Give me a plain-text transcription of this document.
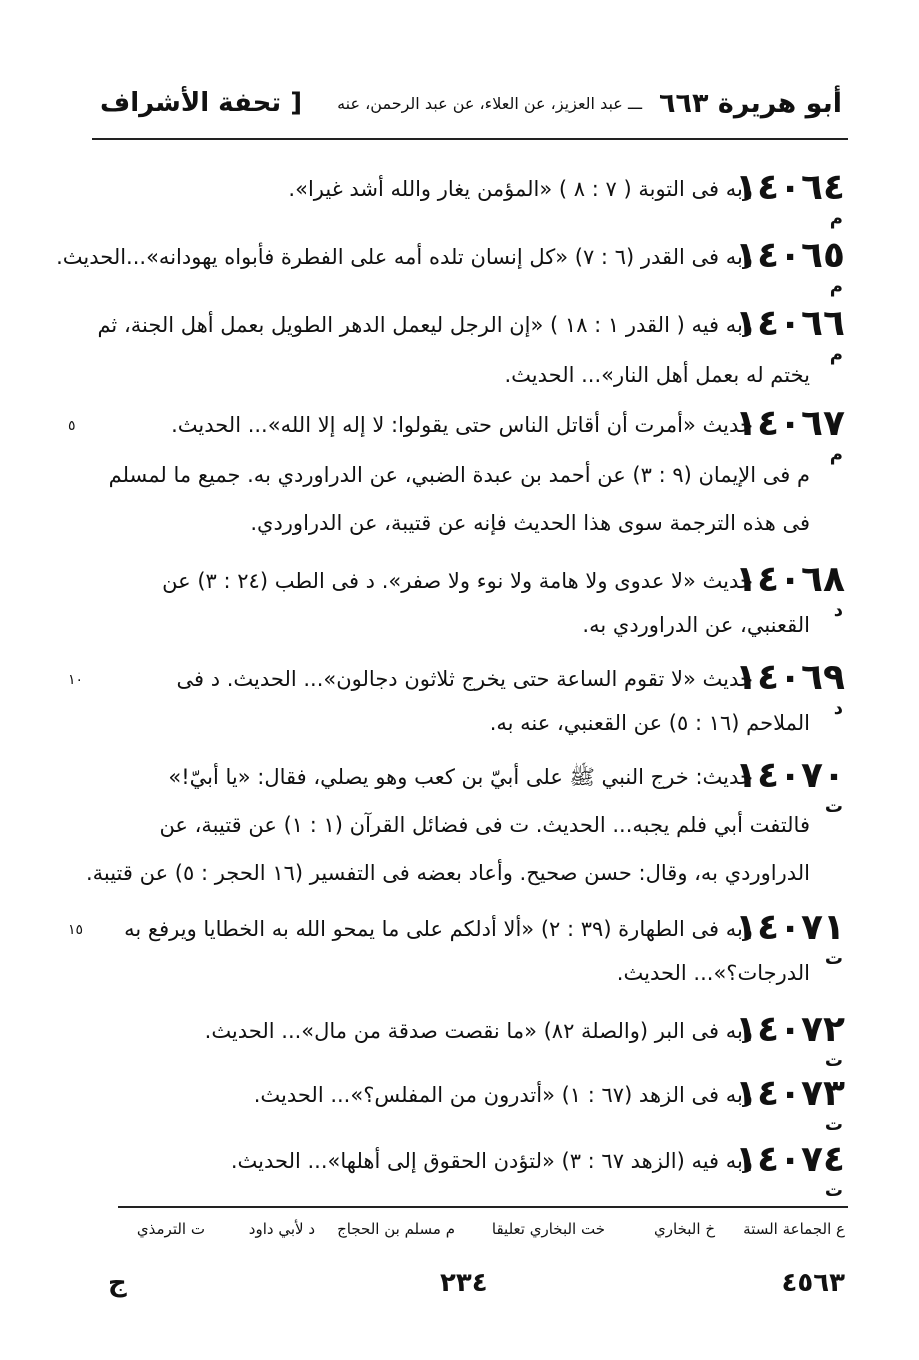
أبو هريرة ٦٦٣
ـــ عبد العزيز، عن العلاء، عن عبد الرحمن، عنه
[ تحفة الأشراف
١٤٠٦٤
م
وبه فى التوبة ( ٧ : ٨ ) «المؤمن يغار والله أشد غيرا».
١٤٠٦٥
م
وبه فى القدر (٦ : ٧) «كل إنسان تلده أمه على الفطرة فأبواه يهودانه»...الحديث.
١٤٠٦٦
م
وبه فيه ( القدر ١ : ١٨ ) «إن الرجل ليعمل الدهر الطويل بعمل أهل الجنة، ثم
يختم له بعمل أهل النار»... الحديث.
١٤٠٦٧
م
٥	حديث «أمرت أن أقاتل الناس حتى يقولوا: لا إله إلا الله»... الحديث.
م فى الإيمان (٩ : ٣) عن أحمد بن عبدة الضبي، عن الدراوردي به. جميع ما لمسلم
فى هذه الترجمة سوى هذا الحديث فإنه عن قتيبة، عن الدراوردي.
١٤٠٦٨
د
حديث «لا عدوى ولا هامة ولا نوء ولا صفر». د فى الطب (٢٤ : ٣) عن
القعنبي، عن الدراوردي به.
١٤٠٦٩
د
١٠	حديث «لا تقوم الساعة حتى يخرج ثلاثون دجالون»... الحديث. د فى
الملاحم (١٦ : ٥) عن القعنبي، عنه به.
١٤٠٧٠
ت
حديث: خرج النبي ﷺ على أبيّ بن كعب وهو يصلي، فقال: «يا أبيّ!»
فالتفت أبي فلم يجبه... الحديث. ت فى فضائل القرآن (١ : ١) عن قتيبة، عن
الدراوردي به، وقال: حسن صحيح. وأعاد بعضه فى التفسير (١٦ الحجر : ٥) عن قتيبة.
١٤٠٧١
ت
١٥ وبه فى الطهارة (٣٩ : ٢) «ألا أدلكم على ما يمحو الله به الخطايا ويرفع به
الدرجات؟»... الحديث.
١٤٠٧٢
ت
وبه فى البر (والصلة ٨٢) «ما نقصت صدقة من مال»... الحديث.
١٤٠٧٣
ت
وبه فى الزهد (٦٧ : ١) «أتدرون من المفلس؟»... الحديث.
١٤٠٧٤
ت
وبه فيه (الزهد ٦٧ : ٣) «لتؤدن الحقوق إلى أهلها»... الحديث.
ع الجماعة الستة
خ البخاري
خت البخاري تعليقا
م مسلم بن الحجاج
د لأبي داود
ت الترمذي
ج	٢٣٤	٤٥٦٣
